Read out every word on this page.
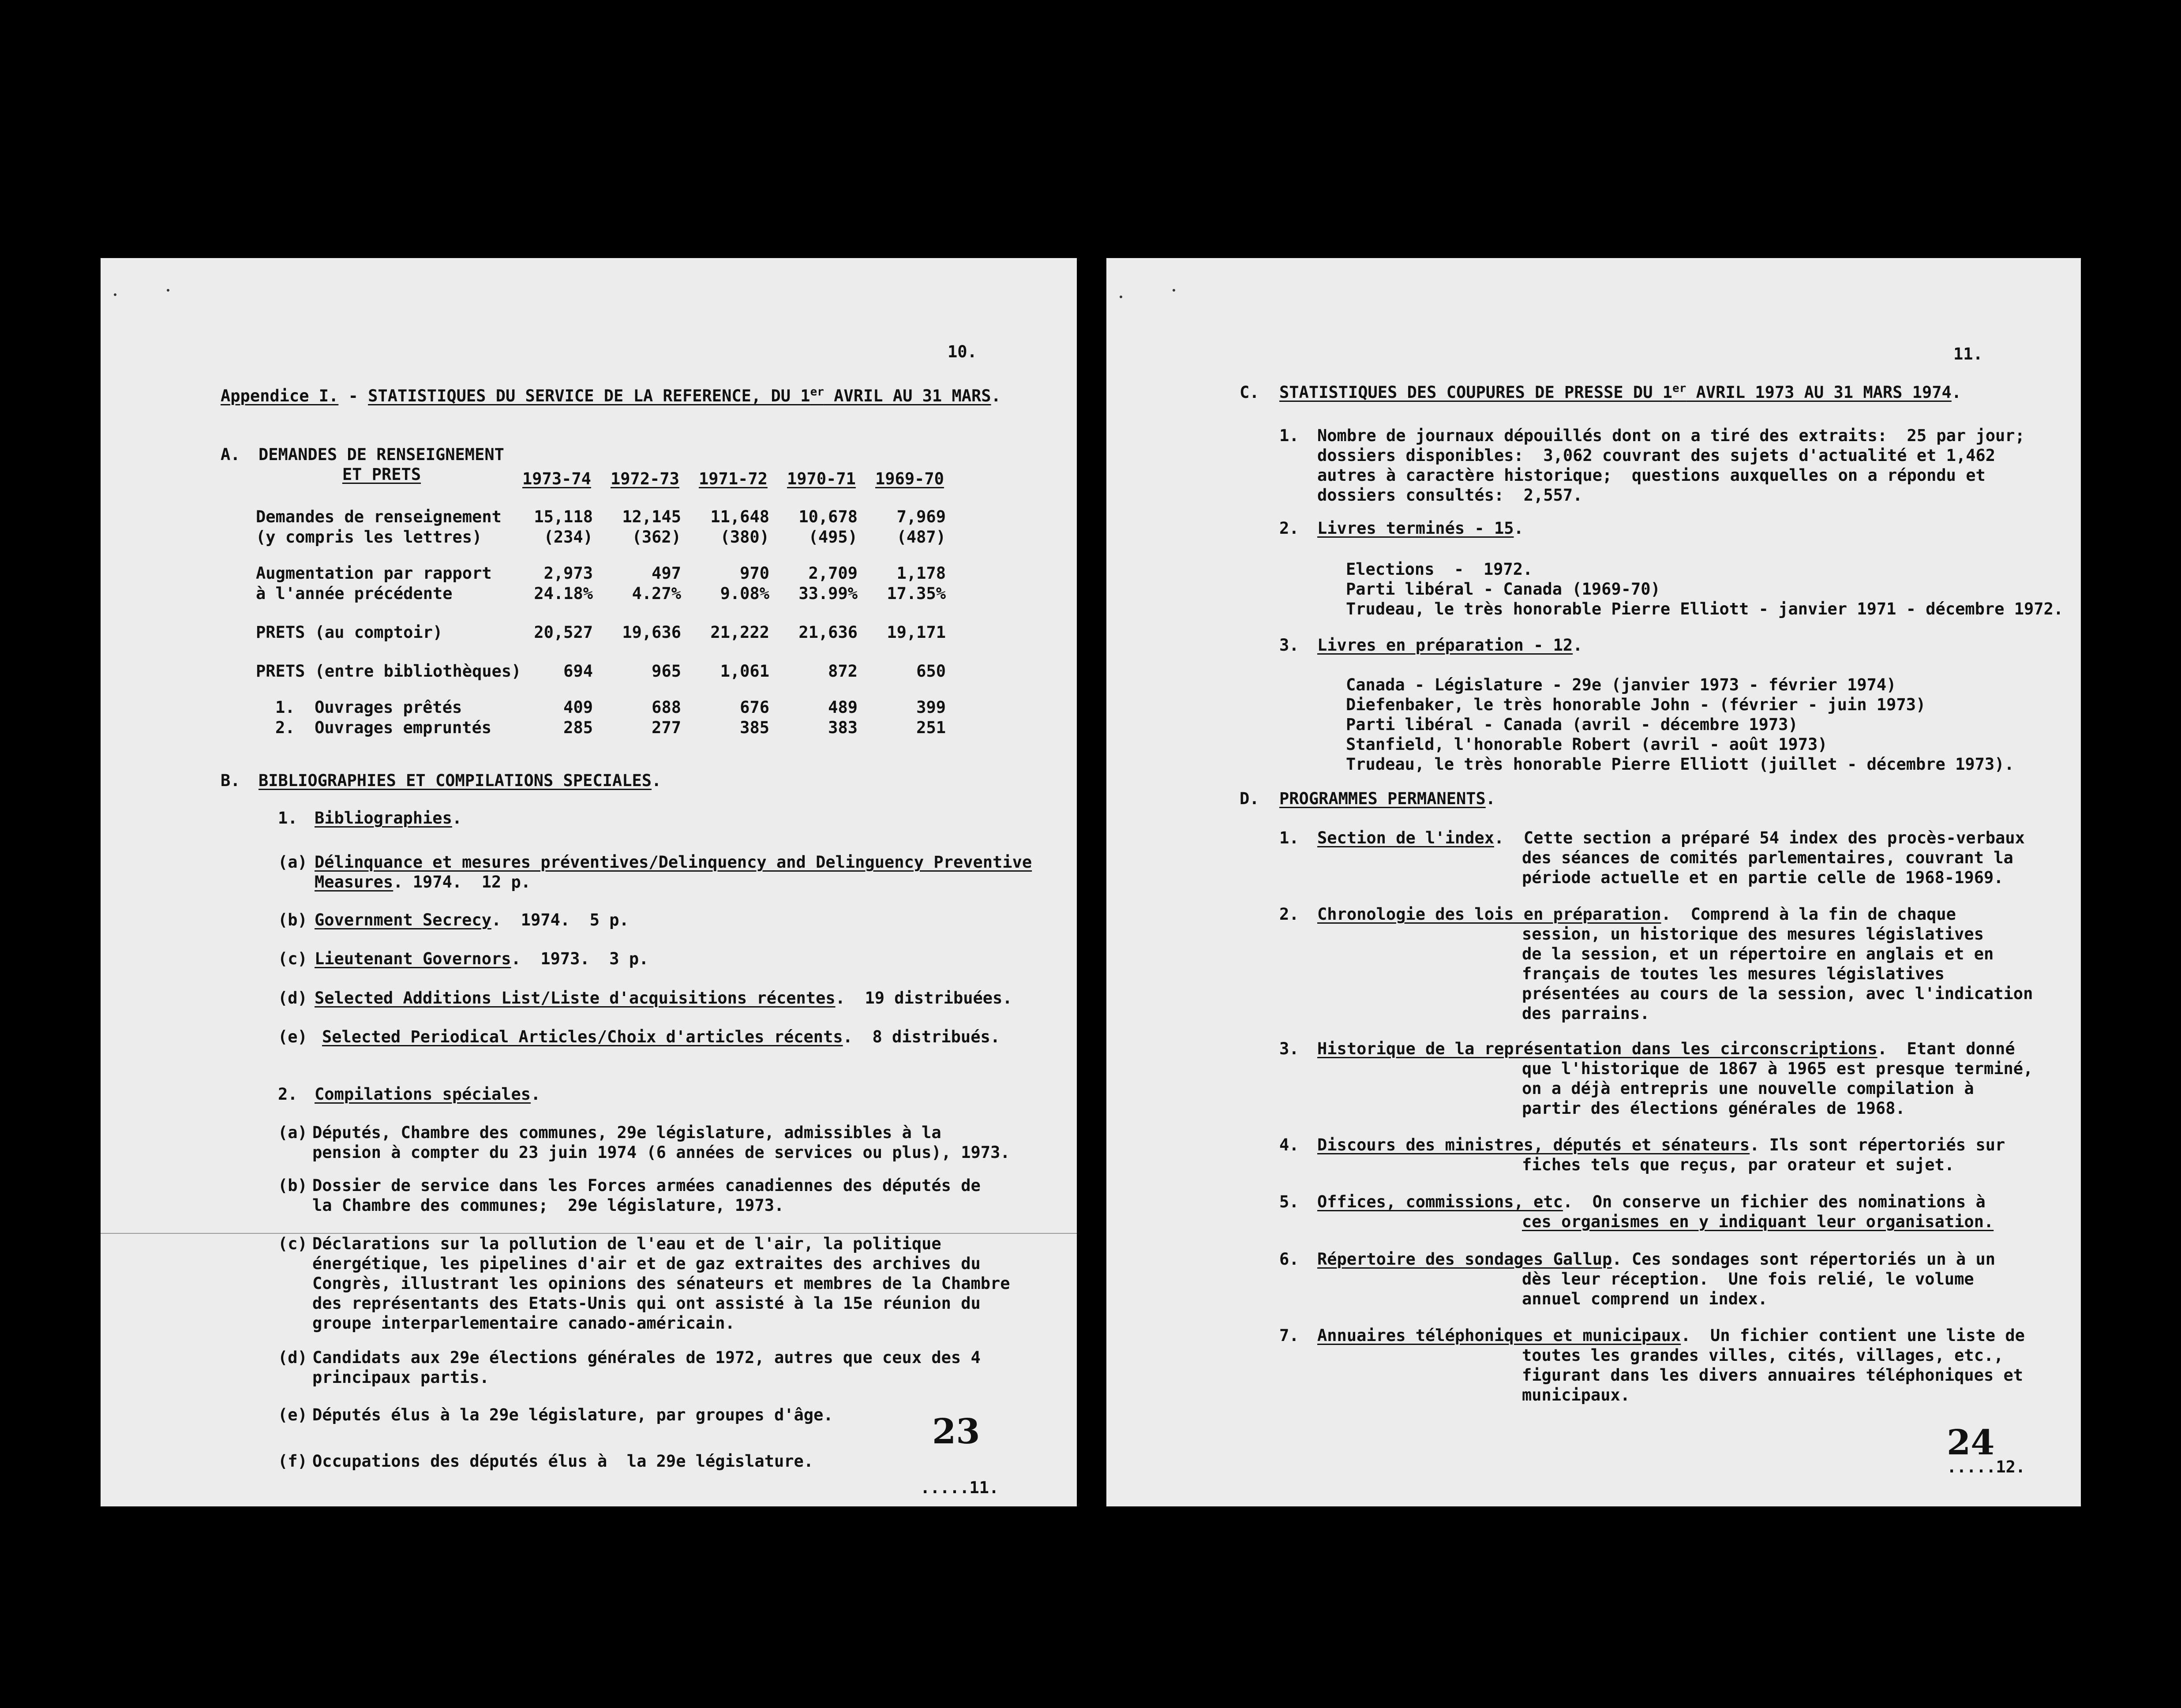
10.
Appendice I. - STATISTIQUES DU SERVICE DE LA REFERENCE, DU 1er AVRIL AU 31 MARS.
A. DEMANDES DE RENSEIGNEMENT
ET PRETS
		1973-74	1972-73	1971-72	1970-71	1969-70

Demandes de renseignement	15,118	12,145	11,648	10,678	7,969
(y compris les lettres)	(234)	(362)	(380)	(495)	(487)

Augmentation par rapport	2,973	497	970	2,709	1,178
à l'année précédente	24.18%	4.27%	9.08%	33.99%	17.35%

PRETS (au comptoir)	20,527	19,636	21,222	21,636	19,171

PRETS (entre bibliothèques)	694	965	1,061	872	650

1.  Ouvrages prêtés	409	688	676	489	399
2.  Ouvrages empruntés	285	277	385	383	251
B. BIBLIOGRAPHIES ET COMPILATIONS SPECIALES.
1. Bibliographies.
(a) Délinquance et mesures préventives/Delinquency and Delinguency Preventive
Measures. 1974.  12 p.
(b) Government Secrecy.  1974.  5 p.
(c) Lieutenant Governors.  1973.  3 p.
(d) Selected Additions List/Liste d'acquisitions récentes.  19 distribuées.
(e) Selected Periodical Articles/Choix d'articles récents.  8 distribués.
2. Compilations spéciales.
(a) Députés, Chambre des communes, 29e législature, admissibles à la
pension à compter du 23 juin 1974 (6 années de services ou plus), 1973.
(b) Dossier de service dans les Forces armées canadiennes des députés de
la Chambre des communes;  29e législature, 1973.
(c) Déclarations sur la pollution de l'eau et de l'air, la politique
énergétique, les pipelines d'air et de gaz extraites des archives du
Congrès, illustrant les opinions des sénateurs et membres de la Chambre
des représentants des Etats-Unis qui ont assisté à la 15e réunion du
groupe interparlementaire canado-américain.
(d) Candidats aux 29e élections générales de 1972, autres que ceux des 4
principaux partis.
(e) Députés élus à la 29e législature, par groupes d'âge.
(f) Occupations des députés élus à  la 29e législature.
23
.....11.
11.
C. STATISTIQUES DES COUPURES DE PRESSE DU 1er AVRIL 1973 AU 31 MARS 1974.
1. Nombre de journaux dépouillés dont on a tiré des extraits:  25 par jour;
dossiers disponibles:  3,062 couvrant des sujets d'actualité et 1,462
autres à caractère historique;  questions auxquelles on a répondu et
dossiers consultés:  2,557.
2. Livres terminés - 15.
Elections  -  1972.
Parti libéral - Canada (1969-70)
Trudeau, le très honorable Pierre Elliott - janvier 1971 - décembre 1972.
3. Livres en préparation - 12.
Canada - Législature - 29e (janvier 1973 - février 1974)
Diefenbaker, le très honorable John - (février - juin 1973)
Parti libéral - Canada (avril - décembre 1973)
Stanfield, l'honorable Robert (avril - août 1973)
Trudeau, le très honorable Pierre Elliott (juillet - décembre 1973).
D. PROGRAMMES PERMANENTS.
1. Section de l'index.  Cette section a préparé 54 index des procès-verbaux
des séances de comités parlementaires, couvrant la
période actuelle et en partie celle de 1968-1969.
2. Chronologie des lois en préparation.  Comprend à la fin de chaque
session, un historique des mesures législatives
de la session, et un répertoire en anglais et en
français de toutes les mesures législatives
présentées au cours de la session, avec l'indication
des parrains.
3. Historique de la représentation dans les circonscriptions.  Etant donné
que l'historique de 1867 à 1965 est presque terminé,
on a déjà entrepris une nouvelle compilation à
partir des élections générales de 1968.
4. Discours des ministres, députés et sénateurs. Ils sont répertoriés sur
fiches tels que reçus, par orateur et sujet.
5. Offices, commissions, etc.  On conserve un fichier des nominations à
ces organismes en y indiquant leur organisation.
6. Répertoire des sondages Gallup. Ces sondages sont répertoriés un à un
dès leur réception.  Une fois relié, le volume
annuel comprend un index.
7. Annuaires téléphoniques et municipaux.  Un fichier contient une liste de
toutes les grandes villes, cités, villages, etc.,
figurant dans les divers annuaires téléphoniques et
municipaux.
24
.....12.
